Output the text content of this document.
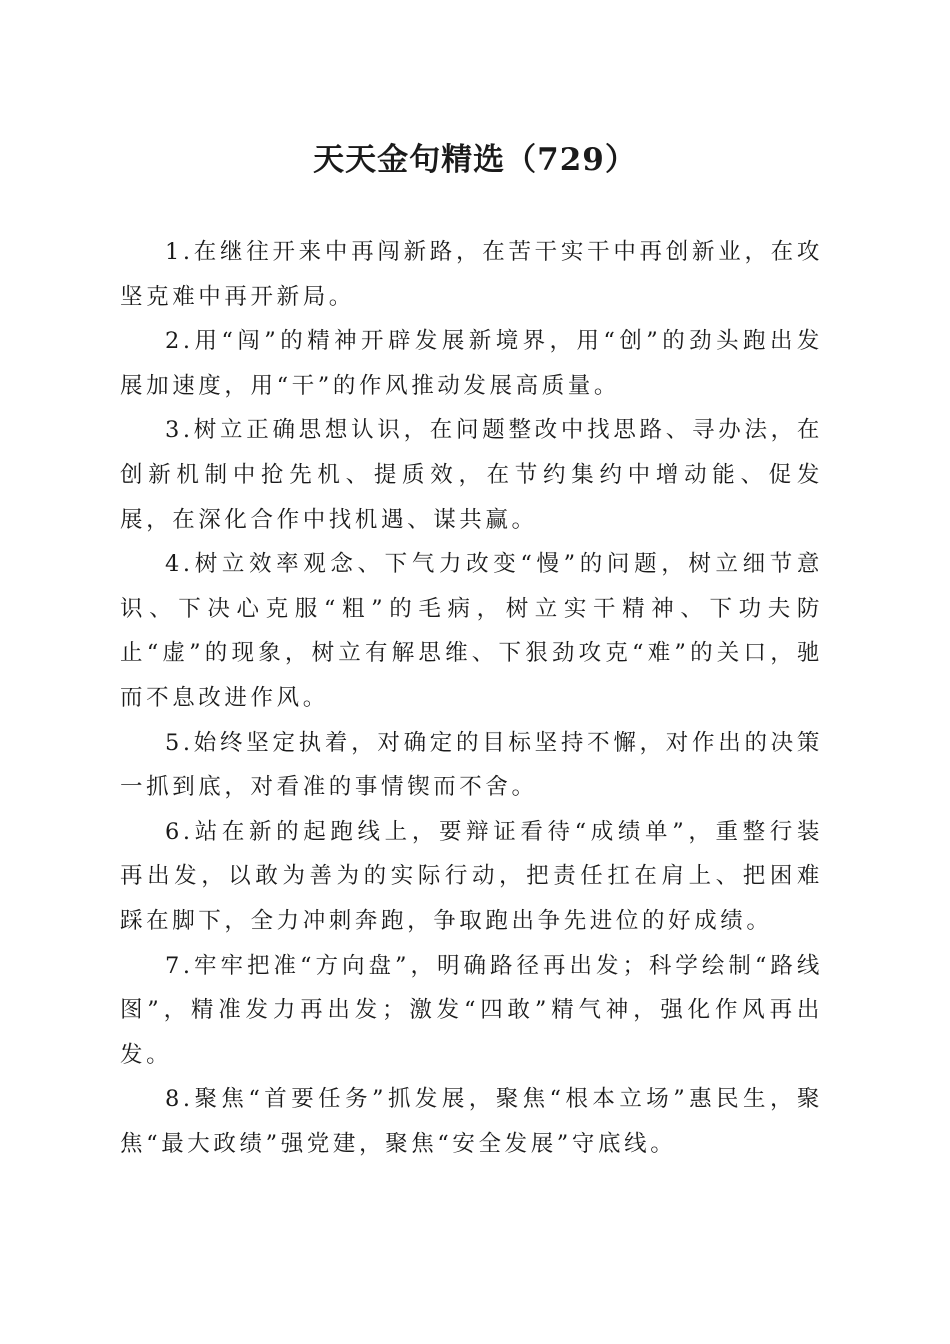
天天金句精选（729）

1.在继往开来中再闯新路，在苦干实干中再创新业，在攻坚克难中再开新局。

2.用“闯”的精神开辟发展新境界，用“创”的劲头跑出发展加速度，用“干”的作风推动发展高质量。

3.树立正确思想认识，在问题整改中找思路、寻办法，在创新机制中抢先机、提质效，在节约集约中增动能、促发展，在深化合作中找机遇、谋共赢。

4.树立效率观念、下气力改变“慢”的问题，树立细节意识、下决心克服“粗”的毛病，树立实干精神、下功夫防止“虚”的现象，树立有解思维、下狠劲攻克“难”的关口，驰而不息改进作风。

5.始终坚定执着，对确定的目标坚持不懈，对作出的决策一抓到底，对看准的事情锲而不舍。

6.站在新的起跑线上，要辩证看待“成绩单”，重整行装再出发，以敢为善为的实际行动，把责任扛在肩上、把困难踩在脚下，全力冲刺奔跑，争取跑出争先进位的好成绩。

7.牢牢把准“方向盘”，明确路径再出发；科学绘制“路线图”，精准发力再出发；激发“四敢”精气神，强化作风再出发。

8.聚焦“首要任务”抓发展，聚焦“根本立场”惠民生，聚焦“最大政绩”强党建，聚焦“安全发展”守底线。
